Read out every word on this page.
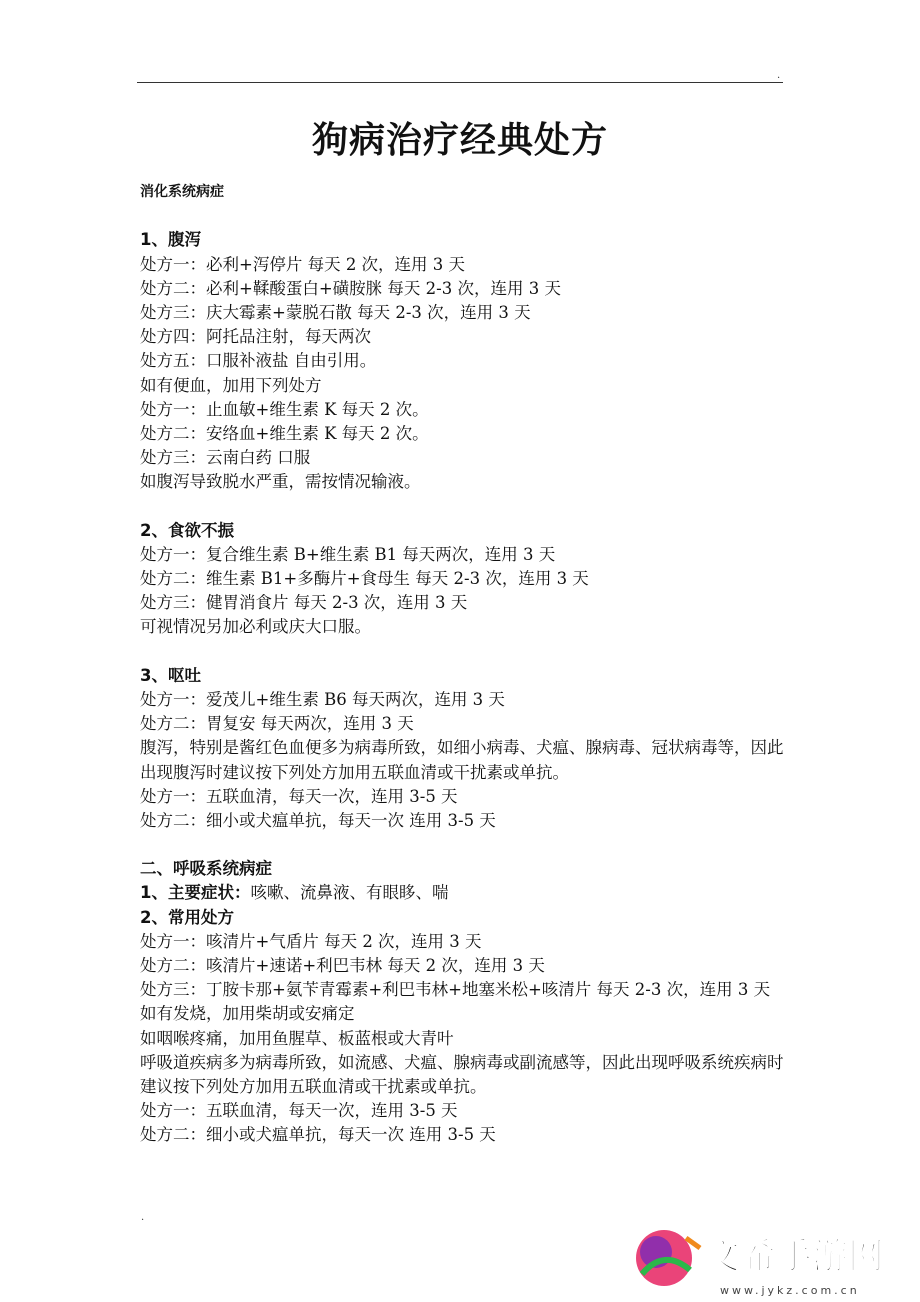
.
狗病治疗经典处方
消化系统病症
1、腹泻
处方一：必利+泻停片 每天 2 次，连用 3 天
处方二：必利+鞣酸蛋白+磺胺脒 每天 2-3 次，连用 3 天
处方三：庆大霉素+蒙脱石散 每天 2-3 次，连用 3 天
处方四：阿托品注射，每天两次
处方五：口服补液盐 自由引用。
如有便血，加用下列处方
处方一：止血敏+维生素 K 每天 2 次。
处方二：安络血+维生素 K 每天 2 次。
处方三：云南白药 口服
如腹泻导致脱水严重，需按情况输液。
2、食欲不振
处方一：复合维生素 B+维生素 B1 每天两次，连用 3 天
处方二：维生素 B1+多酶片+食母生 每天 2-3 次，连用 3 天
处方三：健胃消食片 每天 2-3 次，连用 3 天
可视情况另加必利或庆大口服。
3、呕吐
处方一：爱茂儿+维生素 B6 每天两次，连用 3 天
处方二：胃复安 每天两次，连用 3 天
腹泻，特别是酱红色血便多为病毒所致，如细小病毒、犬瘟、腺病毒、冠状病毒等，因此出现腹泻时建议按下列处方加用五联血清或干扰素或单抗。
处方一：五联血清，每天一次，连用 3-5 天
处方二：细小或犬瘟单抗，每天一次 连用 3-5 天
二、呼吸系统病症
1、主要症状：咳嗽、流鼻液、有眼眵、喘
2、常用处方
处方一：咳清片+气盾片 每天 2 次，连用 3 天
处方二：咳清片+速诺+利巴韦林 每天 2 次，连用 3 天
处方三：丁胺卡那+氨苄青霉素+利巴韦林+地塞米松+咳清片 每天 2-3 次，连用 3 天
如有发烧，加用柴胡或安痛定
如咽喉疼痛，加用鱼腥草、板蓝根或大青叶
呼吸道疾病多为病毒所致，如流感、犬瘟、腺病毒或副流感等，因此出现呼吸系统疾病时建议按下列处方加用五联血清或干扰素或单抗。
处方一：五联血清，每天一次，连用 3-5 天
处方二：细小或犬瘟单抗，每天一次 连用 3-5 天
.
文希手游网
www.jykz.com.cn
